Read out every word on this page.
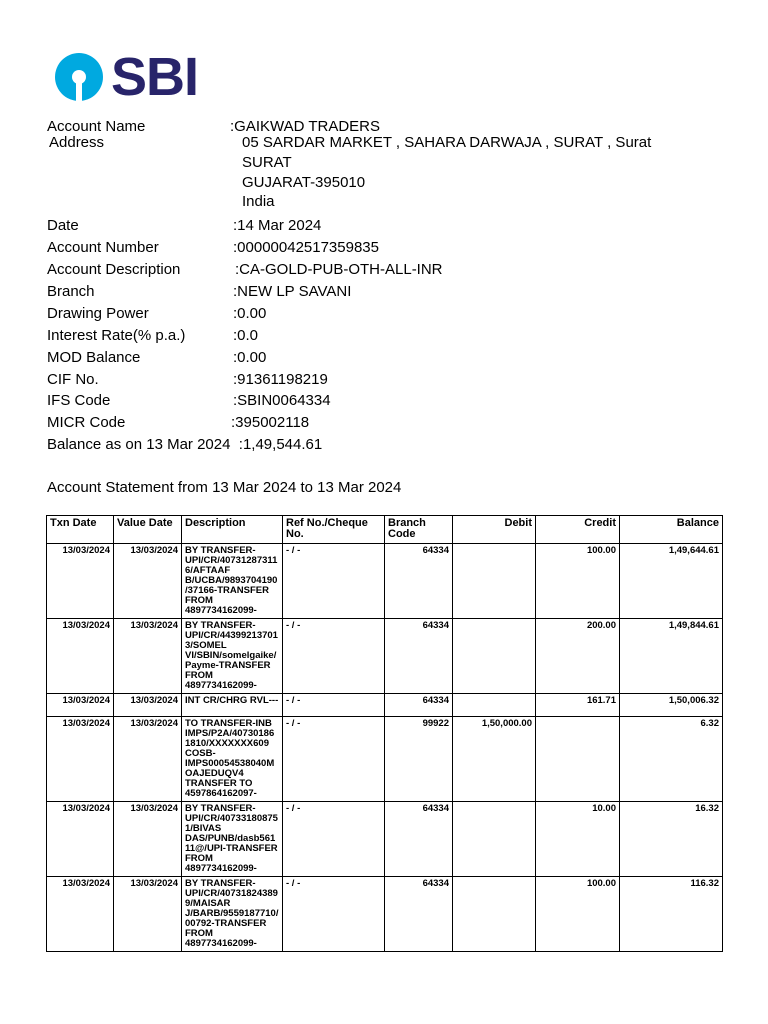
SBI
Account Name	:GAIKWAD TRADERS
Address	05 SARDAR MARKET , SAHARA DARWAJA , SURAT , Surat
SURAT
GUJARAT-395010
India
Date	:14 Mar 2024
Account Number	:00000042517359835
Account Description	:CA-GOLD-PUB-OTH-ALL-INR
Branch	:NEW LP SAVANI
Drawing Power	:0.00
Interest Rate(% p.a.)	:0.0
MOD Balance	:0.00
CIF No.	:91361198219
IFS Code	:SBIN0064334
MICR Code	:395002118
Balance as on 13 Mar 2024  :1,49,544.61
Account Statement from 13 Mar 2024 to 13 Mar 2024
Txn Date	Value Date	Description	Ref No./Cheque No.	Branch Code	Debit	Credit	Balance
13/03/2024	13/03/2024	BY TRANSFER-UPI/CR/407312873116/AFTAAF B/UCBA/9893704190/37166-TRANSFER FROM 4897734162099-	- / -	64334		100.00	1,49,644.61
13/03/2024	13/03/2024	BY TRANSFER-UPI/CR/443992137013/SOMEL VI/SBIN/somelgaike/Payme-TRANSFER FROM 4897734162099-	- / -	64334		200.00	1,49,844.61
13/03/2024	13/03/2024	INT CR/CHRG RVL---	- / -	64334		161.71	1,50,006.32
13/03/2024	13/03/2024	TO TRANSFER-INB IMPS/P2A/407301861810/XXXXXXX609 COSB-IMPS00054538040MOAJEDUQV4 TRANSFER TO 4597864162097-	- / -	99922	1,50,000.00		6.32
13/03/2024	13/03/2024	BY TRANSFER-UPI/CR/407331808751/BIVAS DAS/PUNB/dasb56111@/UPI-TRANSFER FROM 4897734162099-	- / -	64334		10.00	16.32
13/03/2024	13/03/2024	BY TRANSFER-UPI/CR/407318243899/MAISAR J/BARB/9559187710/00792-TRANSFER FROM 4897734162099-	- / -	64334		100.00	116.32
